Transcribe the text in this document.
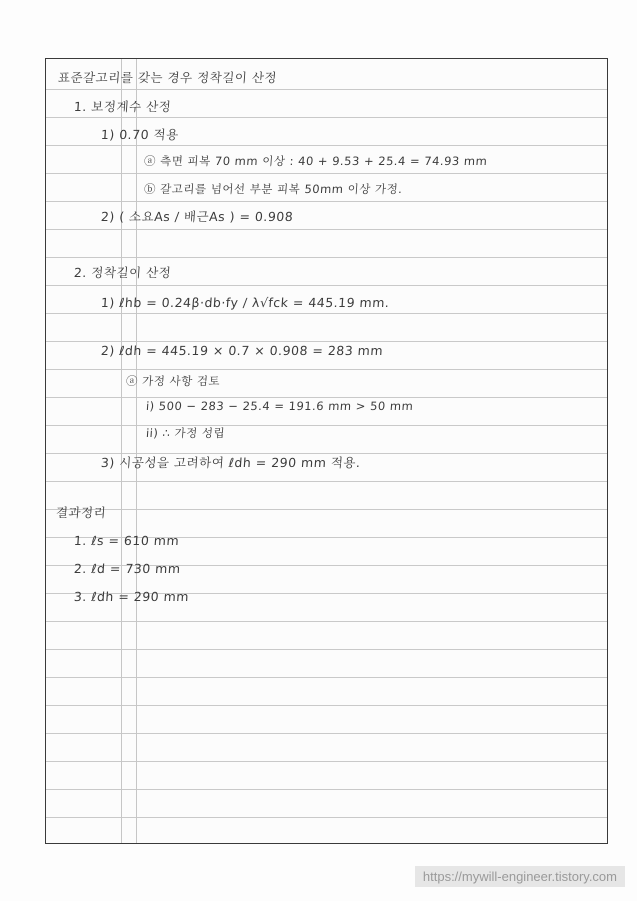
표준갈고리를 갖는 경우 정착길이 산정
1. 보정계수 산정
1) 0.70 적용
ⓐ 측면 피복 70 mm 이상 : 40 + 9.53 + 25.4 = 74.93 mm
ⓑ 갈고리를 넘어선 부분 피복 50mm 이상 가정.
2) ( 소요As / 배근As ) = 0.908
2. 정착길이 산정
1) ℓhb = 0.24β·db·fy / λ√fck = 445.19 mm.
2) ℓdh = 445.19 × 0.7 × 0.908 = 283 mm
ⓐ 가정 사항 검토
i) 500 − 283 − 25.4 = 191.6 mm > 50 mm
ii) ∴ 가정 성립
3) 시공성을 고려하여 ℓdh = 290 mm 적용.
결과정리
1. ℓs = 610 mm
2. ℓd = 730 mm
3. ℓdh = 290 mm
https://mywill-engineer.tistory.com
